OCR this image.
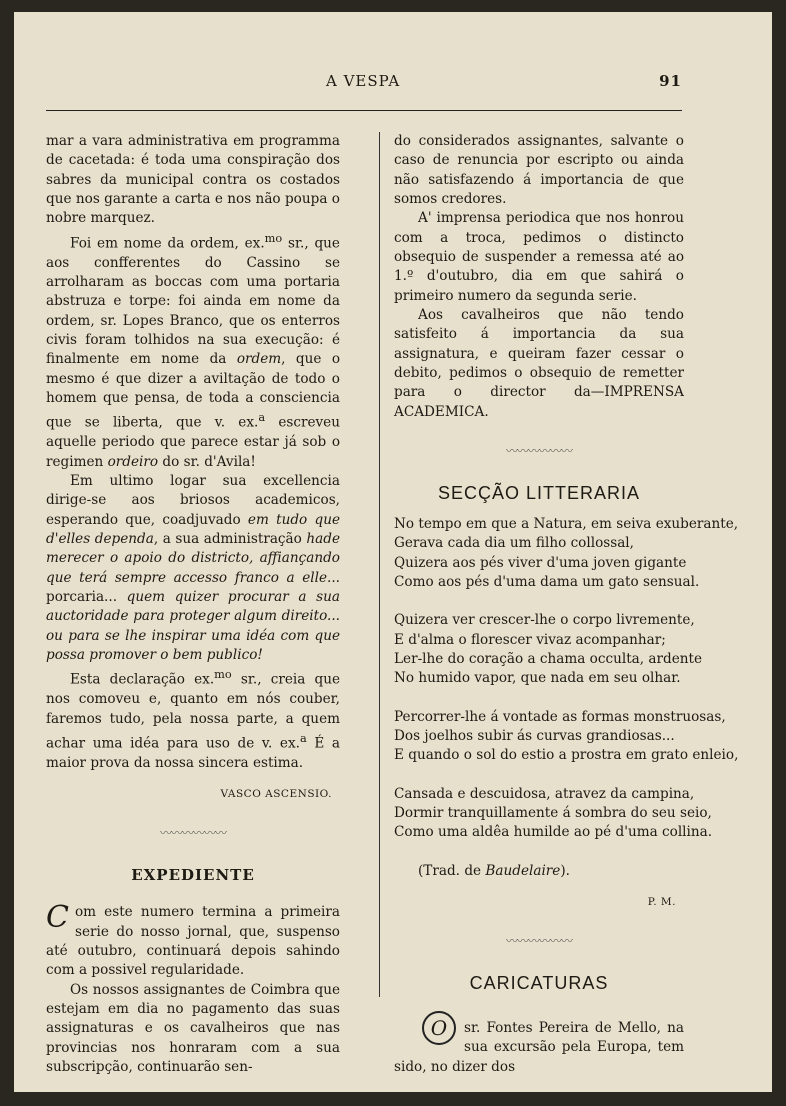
A VESPA	91

mar a vara administrativa em programma de cacetada: é toda uma conspiração dos sabres da municipal contra os costados que nos garante a carta e nos não poupa o nobre marquez.

Foi em nome da ordem, ex.$^{mo}$ sr., que aos confferentes do Cassino se arrolharam as boccas com uma portaria abstruza e torpe: foi ainda em nome da ordem, sr. Lopes Branco, que os enterros civis foram tolhidos na sua execução: é finalmente em nome da ordem, que o mesmo é que dizer a aviltação de todo o homem que pensa, de toda a consciencia que se liberta, que v. ex.$^a$ escreveu aquelle periodo que parece estar já sob o regimen ordeiro do sr. d'Avila!

Em ultimo logar sua excellencia dirige-se aos briosos academicos, esperando que, coadjuvado em tudo que d'elles dependa, a sua administração hade merecer o apoio do districto, affiançando que terá sempre accesso franco a elle... porcaria... quem quizer procurar a sua auctoridade para proteger algum direito... ou para se lhe inspirar uma idéa com que possa promover o bem publico!

Esta declaração ex.$^{mo}$ sr., creia que nos comoveu e, quanto em nós couber, faremos tudo, pela nossa parte, a quem achar uma idéa para uso de v. ex.$^a$ É a maior prova da nossa sincera estima.

VASCO ASCENSIO.
〰〰〰〰〰〰
EXPEDIENTE

Com este numero termina a primeira serie do nosso jornal, que, suspenso até outubro, continuará depois sahindo com a possivel regularidade.

Os nossos assignantes de Coimbra que estejam em dia no pagamento das suas assignaturas e os cavalheiros que nas provincias nos honraram com a sua subscripção, continuarão sen-

do considerados assignantes, salvante o caso de renuncia por escripto ou ainda não satisfazendo á importancia de que somos credores.

A' imprensa periodica que nos honrou com a troca, pedimos o distincto obsequio de suspender a remessa até ao 1.º d'outubro, dia em que sahirá o primeiro numero da segunda serie.

Aos cavalheiros que não tendo satisfeito á importancia da sua assignatura, e queiram fazer cessar o debito, pedimos o obsequio de remetter para o director da—IMPRENSA ACADEMICA.

〰〰〰〰〰〰
SECÇÃO LITTERARIA
No tempo em que a Natura, em seiva exuberante,
Gerava cada dia um filho collossal,
Quizera aos pés viver d'uma joven gigante
Como aos pés d'uma dama um gato sensual.
Quizera ver crescer-lhe o corpo livremente,
E d'alma o florescer vivaz acompanhar;
Ler-lhe do coração a chama occulta, ardente
No humido vapor, que nada em seu olhar.
Percorrer-lhe á vontade as formas monstruosas,
Dos joelhos subir ás curvas grandiosas...
E quando o sol do estio a prostra em grato enleio,
Cansada e descuidosa, atravez da campina,
Dormir tranquillamente á sombra do seu seio,
Como uma aldêa humilde ao pé d'uma collina.

(Trad. de Baudelaire).

P. M.
〰〰〰〰〰〰
CARICATURAS

O	sr. Fontes Pereira de Mello, na sua excursão pela Europa, tem sido, no dizer dos
